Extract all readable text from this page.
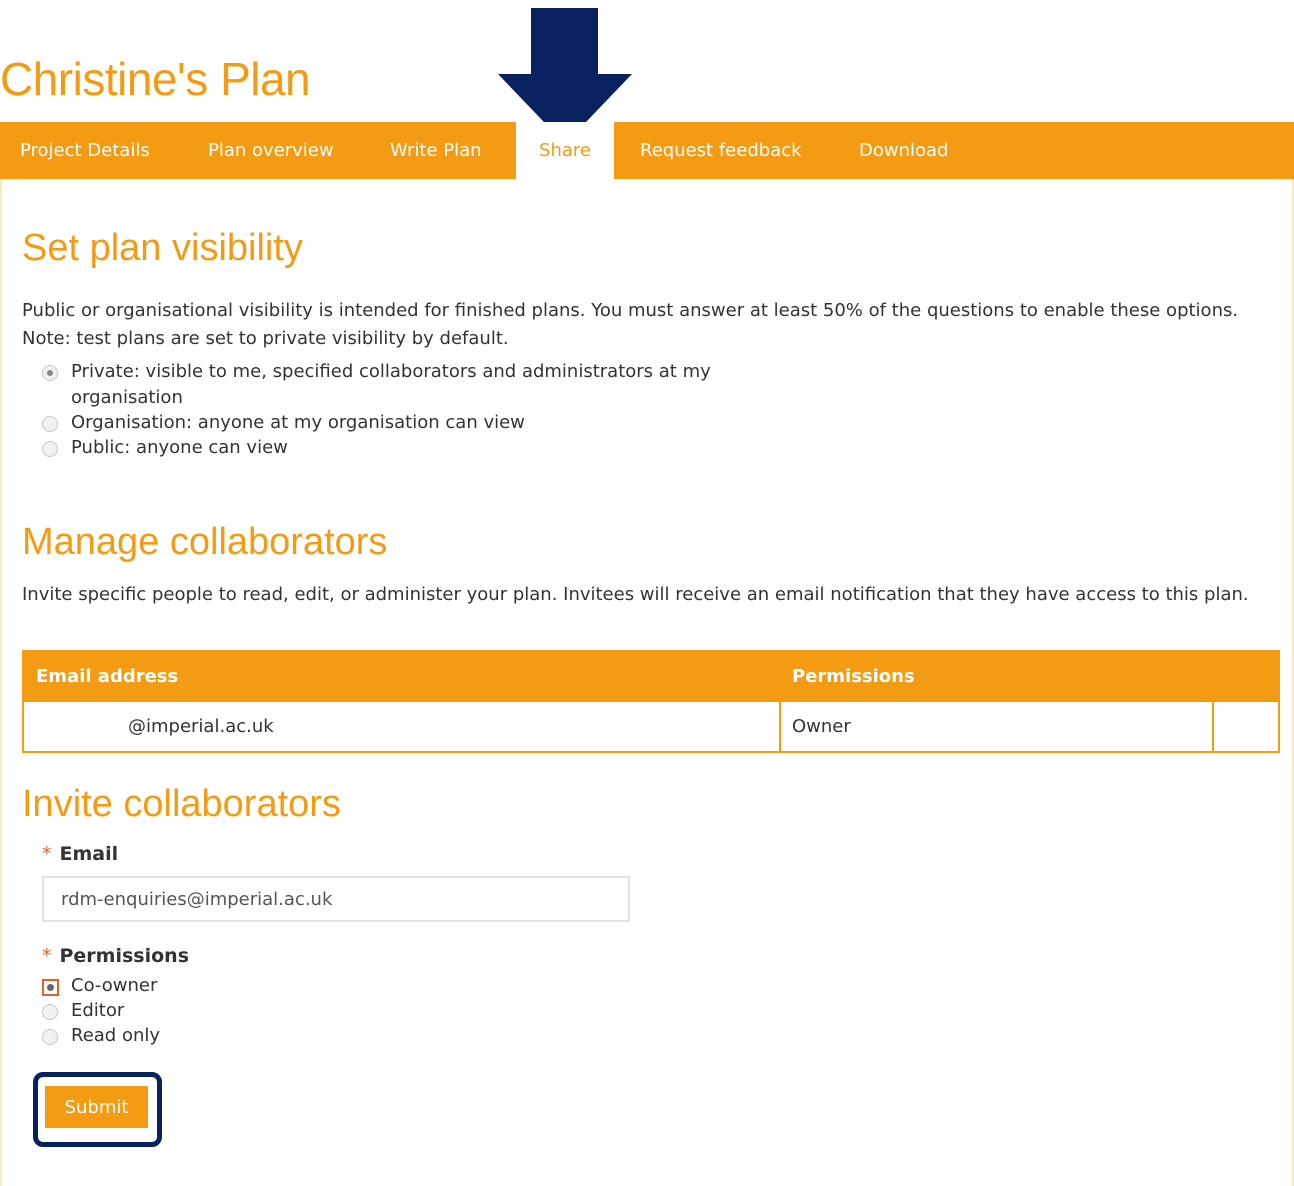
Christine's Plan
Project Details	Plan overview	Write Plan	Share	Request feedback	Download
Set plan visibility

Public or organisational visibility is intended for finished plans. You must answer at least 50% of the questions to enable these options. Note: test plans are set to private visibility by default.

Private: visible to me, specified collaborators and administrators at my organisation
Organisation: anyone at my organisation can view
Public: anyone can view
Manage collaborators

Invite specific people to read, edit, or administer your plan. Invitees will receive an email notification that they have access to this plan.

Email address	Permissions
@imperial.ac.uk	Owner
Invite collaborators
* Email
rdm-enquiries@imperial.ac.uk
* Permissions
Co-owner
Editor
Read only
Submit
